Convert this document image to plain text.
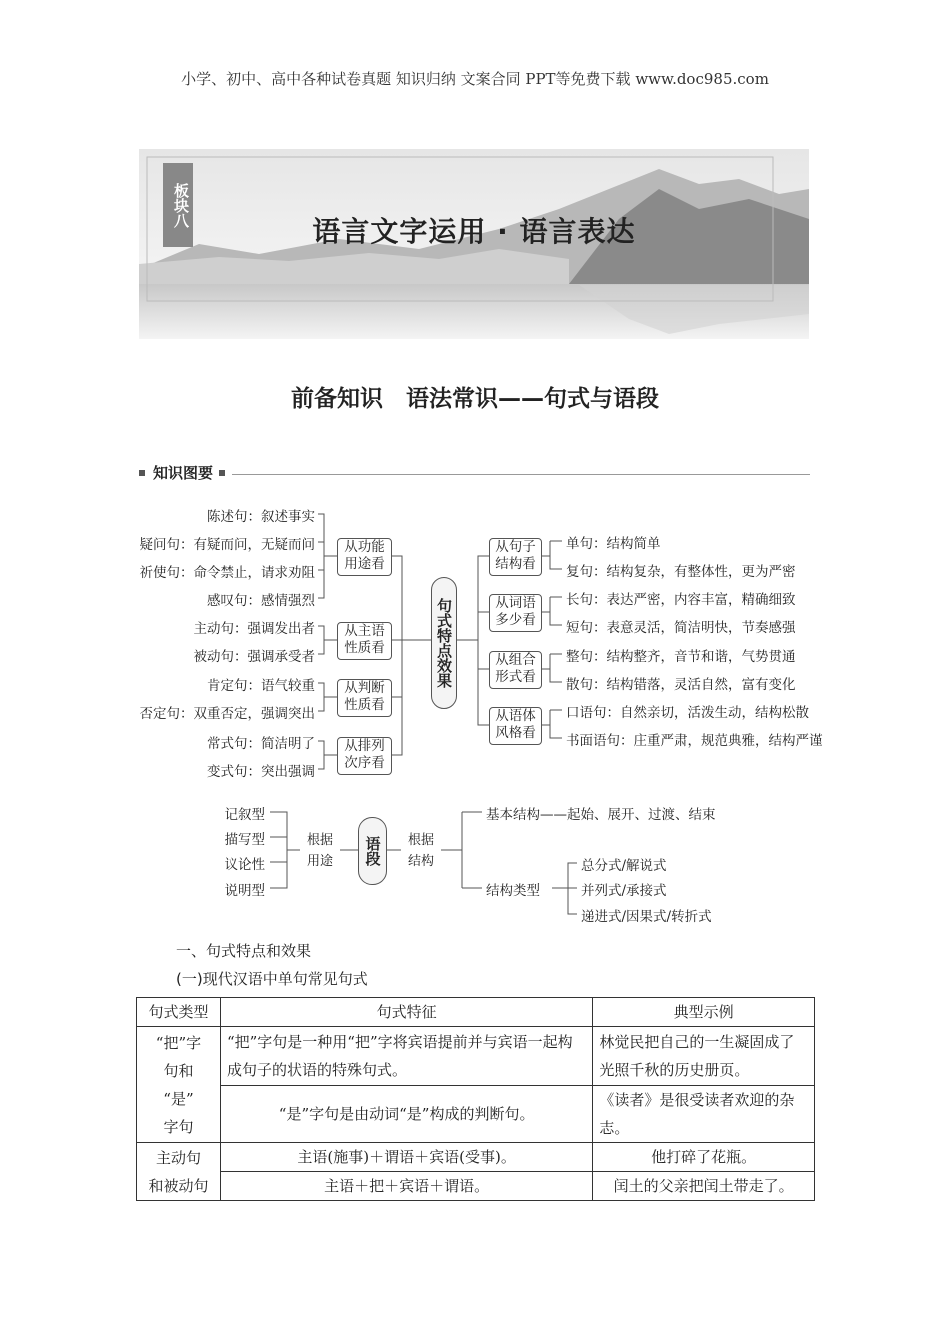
小学、初中、高中各种试卷真题 知识归纳 文案合同 PPT等免费下载 www.doc985.com
板块八
语言文字运用 · 语言表达
前备知识　语法常识——句式与语段
知识图要
陈述句：叙述事实
疑问句：有疑而问，无疑而问
祈使句：命令禁止，请求劝阻
感叹句：感情强烈
主动句：强调发出者
被动句：强调承受者
肯定句：语气较重
否定句：双重否定，强调突出
常式句：简洁明了
变式句：突出强调
从功能
用途看
从主语
性质看
从判断
性质看
从排列
次序看
句式特点效果
从句子
结构看
从词语
多少看
从组合
形式看
从语体
风格看
单句：结构简单
复句：结构复杂，有整体性，更为严密
长句：表达严密，内容丰富，精确细致
短句：表意灵活，简洁明快，节奏感强
整句：结构整齐，音节和谐，气势贯通
散句：结构错落，灵活自然，富有变化
口语句：自然亲切，活泼生动，结构松散
书面语句：庄重严肃，规范典雅，结构严谨
记叙型
描写型
议论性
说明型
根据
用途	语段	根据
结构
基本结构——起始、展开、过渡、结束
结构类型
总分式/解说式
并列式/承接式
递进式/因果式/转折式
一、句式特点和效果
(一)现代汉语中单句常见句式
句式类型	句式特征	典型示例
“把”字
句和
“是”
字句	“把”字句是一种用“把”字将宾语提前并与宾语一起构成句子的状语的特殊句式。	林觉民把自己的一生凝固成了光照千秋的历史册页。
	“是”字句是由动词“是”构成的判断句。	《读者》是很受读者欢迎的杂志。
主动句
和被动句	主语(施事)＋谓语＋宾语(受事)。	他打碎了花瓶。
	主语＋把＋宾语＋谓语。	闰土的父亲把闰土带走了。
